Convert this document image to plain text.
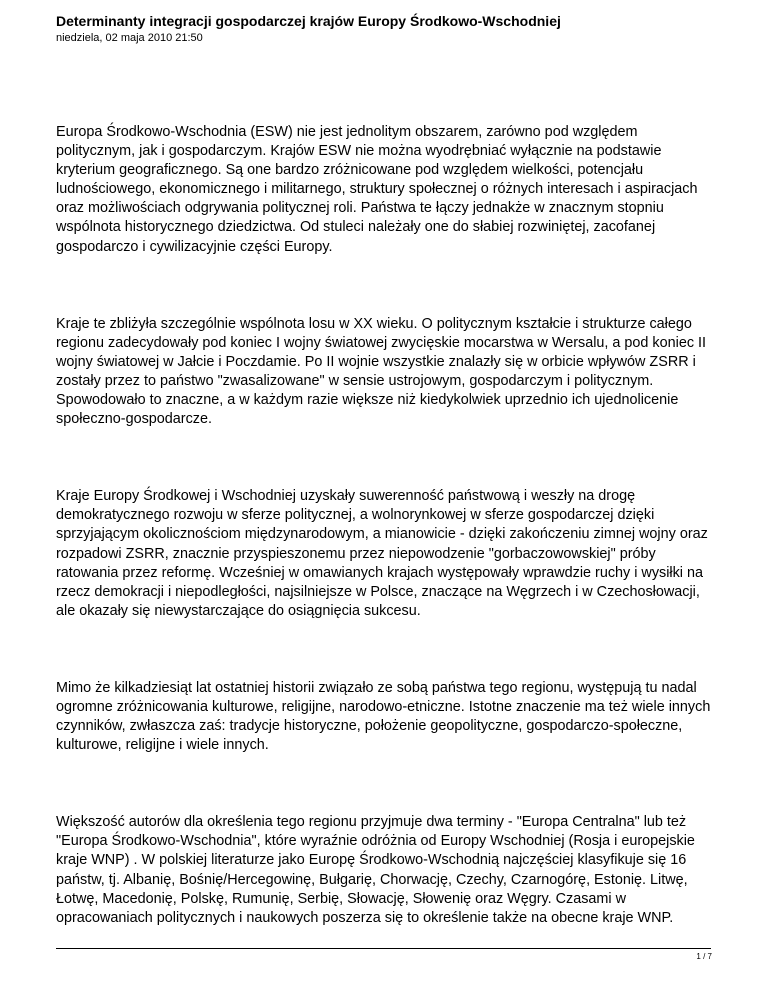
Determinanty integracji gospodarczej krajów Europy Środkowo-Wschodniej
niedziela, 02 maja 2010 21:50

Europa Środkowo-Wschodnia (ESW) nie jest jednolitym obszarem, zarówno pod względem politycznym, jak i gospodarczym. Krajów ESW nie można wyodrębniać wyłącznie na podstawie kryterium geograficznego. Są one bardzo zróżnicowane pod względem wielkości, potencjału ludnościowego, ekonomicznego i militarnego, struktury społecznej o różnych interesach i aspiracjach oraz możliwościach odgrywania politycznej roli. Państwa te łączy jednakże w znacznym stopniu wspólnota historycznego dziedzictwa. Od stuleci należały one do słabiej rozwiniętej, zacofanej gospodarczo i cywilizacyjnie części Europy.

Kraje te zbliżyła szczególnie wspólnota losu w XX wieku. O politycznym kształcie i strukturze całego regionu zadecydowały pod koniec I wojny światowej zwycięskie mocarstwa w Wersalu, a pod koniec II wojny światowej w Jałcie i Poczdamie. Po II wojnie wszystkie znalazły się w orbicie wpływów ZSRR i zostały przez to państwo "zwasalizowane" w sensie ustrojowym, gospodarczym i politycznym. Spowodowało to znaczne, a w każdym razie większe niż kiedykolwiek uprzednio ich ujednolicenie społeczno-gospodarcze.

Kraje Europy Środkowej i Wschodniej uzyskały suwerenność państwową i weszły na drogę demokratycznego rozwoju w sferze politycznej, a wolnorynkowej w sferze gospodarczej dzięki sprzyjającym okolicznościom międzynarodowym, a mianowicie - dzięki zakończeniu zimnej wojny oraz rozpadowi ZSRR, znacznie przyspieszonemu przez niepowodzenie "gorbaczowowskiej" próby ratowania przez reformę. Wcześniej w omawianych krajach występowały wprawdzie ruchy i wysiłki na rzecz demokracji i niepodległości, najsilniejsze w Polsce, znaczące na Węgrzech i w Czechosłowacji, ale okazały się niewystarczające do osiągnięcia sukcesu.

Mimo że kilkadziesiąt lat ostatniej historii związało ze sobą państwa tego regionu, występują tu nadal ogromne zróżnicowania kulturowe, religijne, narodowo-etniczne. Istotne znaczenie ma też wiele innych czynników, zwłaszcza zaś: tradycje historyczne, położenie geopolityczne, gospodarczo-społeczne, kulturowe, religijne i wiele innych.

Większość autorów dla określenia tego regionu przyjmuje dwa terminy - "Europa Centralna" lub też "Europa Środkowo-Wschodnia", które wyraźnie odróżnia od Europy Wschodniej (Rosja i europejskie kraje WNP) . W polskiej literaturze jako Europę Środkowo-Wschodnią najczęściej klasyfikuje się 16 państw, tj. Albanię, Bośnię/Hercegowinę, Bułgarię, Chorwację, Czechy, Czarnogórę, Estonię. Litwę, Łotwę, Macedonię, Polskę, Rumunię, Serbię, Słowację, Słowenię oraz Węgry. Czasami w opracowaniach politycznych i naukowych poszerza się to określenie także na obecne kraje WNP.

1 / 7
